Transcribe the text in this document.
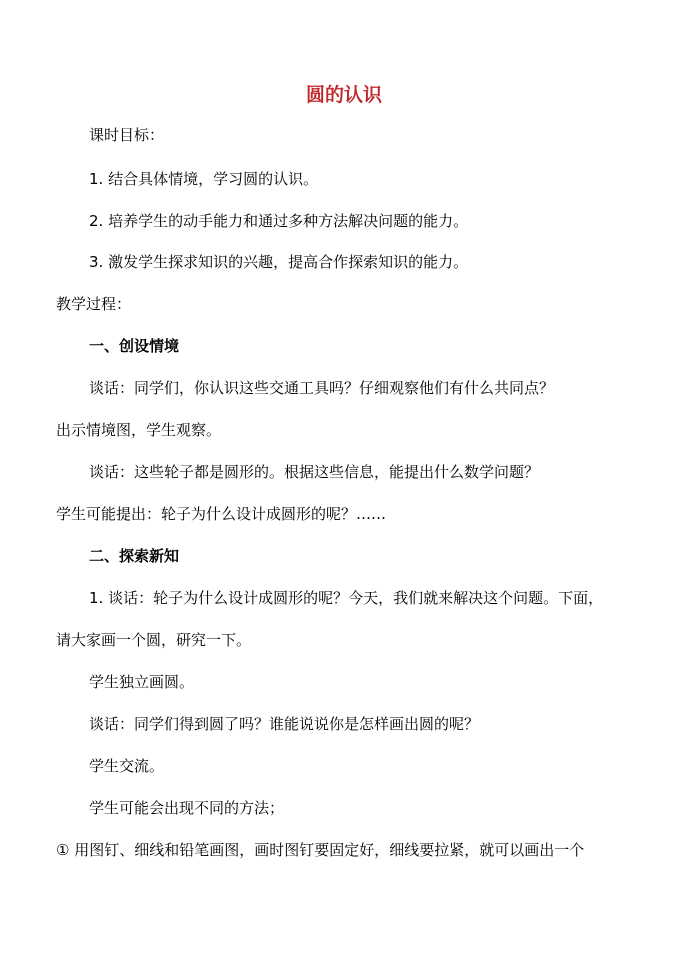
圆的认识
课时目标：
1. 结合具体情境，学习圆的认识。
2. 培养学生的动手能力和通过多种方法解决问题的能力。
3. 激发学生探求知识的兴趣，提高合作探索知识的能力。
教学过程：
一、创设情境
谈话：同学们，你认识这些交通工具吗？仔细观察他们有什么共同点？
出示情境图，学生观察。
谈话：这些轮子都是圆形的。根据这些信息，能提出什么数学问题？
学生可能提出：轮子为什么设计成圆形的呢？……
二、探索新知
1. 谈话：轮子为什么设计成圆形的呢？今天，我们就来解决这个问题。下面，
请大家画一个圆，研究一下。
学生独立画圆。
谈话：同学们得到圆了吗？谁能说说你是怎样画出圆的呢？
学生交流。
学生可能会出现不同的方法；
① 用图钉、细线和铅笔画图，画时图钉要固定好，细线要拉紧，就可以画出一个
